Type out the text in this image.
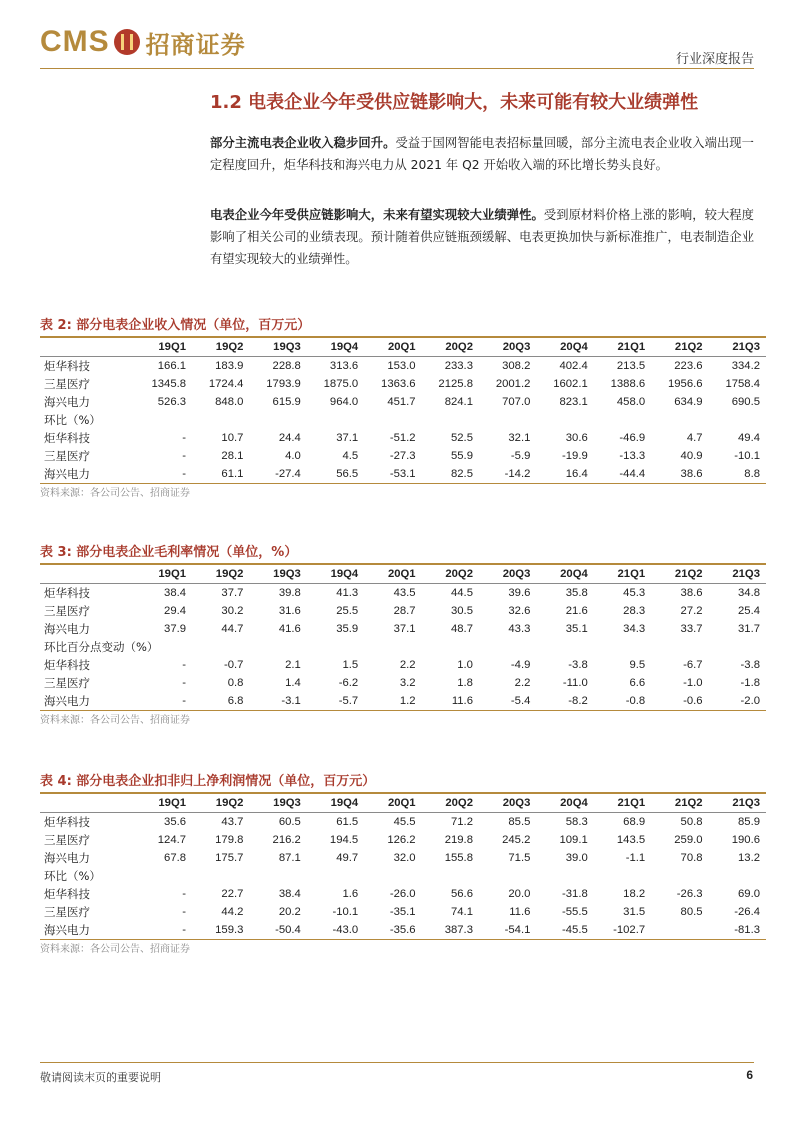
CMS 招商证券
行业深度报告
1.2 电表企业今年受供应链影响大，未来可能有较大业绩弹性
部分主流电表企业收入稳步回升。受益于国网智能电表招标量回暖，部分主流电表企业收入端出现一定程度回升，炬华科技和海兴电力从 2021 年 Q2 开始收入端的环比增长势头良好。
电表企业今年受供应链影响大，未来有望实现较大业绩弹性。受到原材料价格上涨的影响，较大程度影响了相关公司的业绩表现。预计随着供应链瓶颈缓解、电表更换加快与新标准推广，电表制造企业有望实现较大的业绩弹性。
表 2: 部分电表企业收入情况（单位，百万元）
	19Q1	19Q2	19Q3	19Q4	20Q1	20Q2	20Q3	20Q4	21Q1	21Q2	21Q3
炬华科技	166.1	183.9	228.8	313.6	153.0	233.3	308.2	402.4	213.5	223.6	334.2
三星医疗	1345.8	1724.4	1793.9	1875.0	1363.6	2125.8	2001.2	1602.1	1388.6	1956.6	1758.4
海兴电力	526.3	848.0	615.9	964.0	451.7	824.1	707.0	823.1	458.0	634.9	690.5
环比（%）											
炬华科技	-	10.7	24.4	37.1	-51.2	52.5	32.1	30.6	-46.9	4.7	49.4
三星医疗	-	28.1	4.0	4.5	-27.3	55.9	-5.9	-19.9	-13.3	40.9	-10.1
海兴电力	-	61.1	-27.4	56.5	-53.1	82.5	-14.2	16.4	-44.4	38.6	8.8
资料来源：各公司公告、招商证券
表 3: 部分电表企业毛利率情况（单位，%）
	19Q1	19Q2	19Q3	19Q4	20Q1	20Q2	20Q3	20Q4	21Q1	21Q2	21Q3
炬华科技	38.4	37.7	39.8	41.3	43.5	44.5	39.6	35.8	45.3	38.6	34.8
三星医疗	29.4	30.2	31.6	25.5	28.7	30.5	32.6	21.6	28.3	27.2	25.4
海兴电力	37.9	44.7	41.6	35.9	37.1	48.7	43.3	35.1	34.3	33.7	31.7
环比百分点变动（%）											
炬华科技	-	-0.7	2.1	1.5	2.2	1.0	-4.9	-3.8	9.5	-6.7	-3.8
三星医疗	-	0.8	1.4	-6.2	3.2	1.8	2.2	-11.0	6.6	-1.0	-1.8
海兴电力	-	6.8	-3.1	-5.7	1.2	11.6	-5.4	-8.2	-0.8	-0.6	-2.0
资料来源：各公司公告、招商证券
表 4: 部分电表企业扣非归上净利润情况（单位，百万元）
	19Q1	19Q2	19Q3	19Q4	20Q1	20Q2	20Q3	20Q4	21Q1	21Q2	21Q3
炬华科技	35.6	43.7	60.5	61.5	45.5	71.2	85.5	58.3	68.9	50.8	85.9
三星医疗	124.7	179.8	216.2	194.5	126.2	219.8	245.2	109.1	143.5	259.0	190.6
海兴电力	67.8	175.7	87.1	49.7	32.0	155.8	71.5	39.0	-1.1	70.8	13.2
环比（%）											
炬华科技	-	22.7	38.4	1.6	-26.0	56.6	20.0	-31.8	18.2	-26.3	69.0
三星医疗	-	44.2	20.2	-10.1	-35.1	74.1	11.6	-55.5	31.5	80.5	-26.4
海兴电力	-	159.3	-50.4	-43.0	-35.6	387.3	-54.1	-45.5	-102.7		-81.3
资料来源：各公司公告、招商证券
敬请阅读末页的重要说明	6
